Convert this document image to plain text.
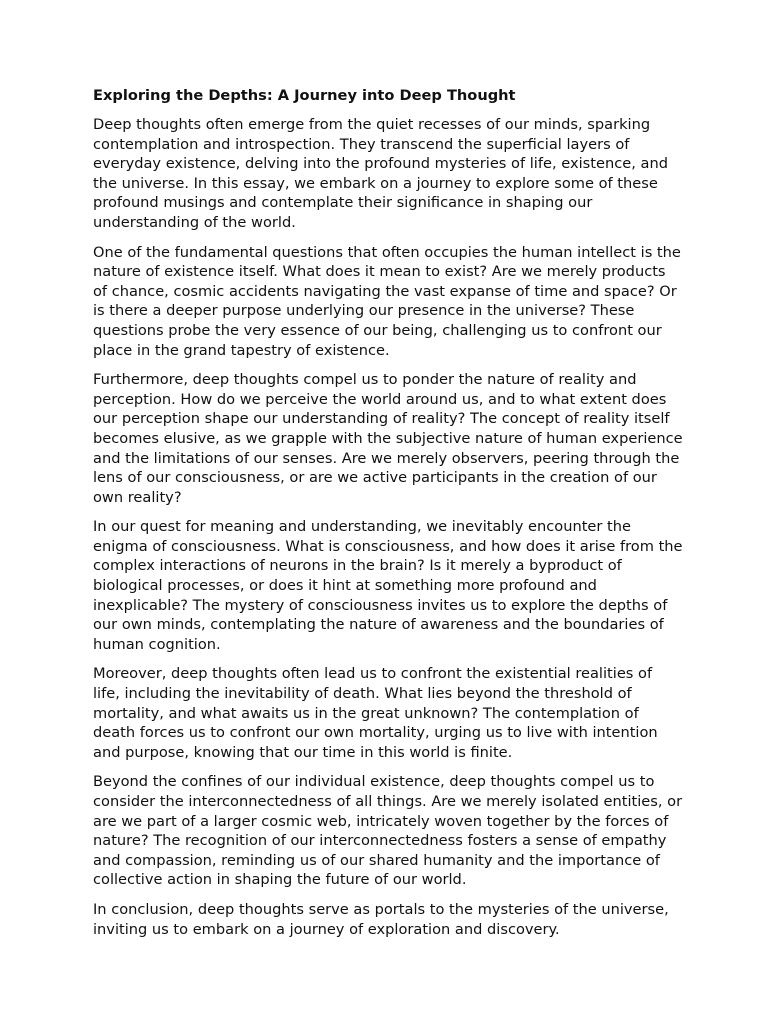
Exploring the Depths: A Journey into Deep Thought

Deep thoughts often emerge from the quiet recesses of our minds, sparking contemplation and introspection. They transcend the superficial layers of everyday existence, delving into the profound mysteries of life, existence, and the universe. In this essay, we embark on a journey to explore some of these profound musings and contemplate their significance in shaping our understanding of the world.

One of the fundamental questions that often occupies the human intellect is the nature of existence itself. What does it mean to exist? Are we merely products of chance, cosmic accidents navigating the vast expanse of time and space? Or is there a deeper purpose underlying our presence in the universe? These questions probe the very essence of our being, challenging us to confront our place in the grand tapestry of existence.

Furthermore, deep thoughts compel us to ponder the nature of reality and perception. How do we perceive the world around us, and to what extent does our perception shape our understanding of reality? The concept of reality itself becomes elusive, as we grapple with the subjective nature of human experience and the limitations of our senses. Are we merely observers, peering through the lens of our consciousness, or are we active participants in the creation of our own reality?

In our quest for meaning and understanding, we inevitably encounter the enigma of consciousness. What is consciousness, and how does it arise from the complex interactions of neurons in the brain? Is it merely a byproduct of biological processes, or does it hint at something more profound and inexplicable? The mystery of consciousness invites us to explore the depths of our own minds, contemplating the nature of awareness and the boundaries of human cognition.

Moreover, deep thoughts often lead us to confront the existential realities of life, including the inevitability of death. What lies beyond the threshold of mortality, and what awaits us in the great unknown? The contemplation of death forces us to confront our own mortality, urging us to live with intention and purpose, knowing that our time in this world is finite.

Beyond the confines of our individual existence, deep thoughts compel us to consider the interconnectedness of all things. Are we merely isolated entities, or are we part of a larger cosmic web, intricately woven together by the forces of nature? The recognition of our interconnectedness fosters a sense of empathy and compassion, reminding us of our shared humanity and the importance of collective action in shaping the future of our world.

In conclusion, deep thoughts serve as portals to the mysteries of the universe, inviting us to embark on a journey of exploration and discovery.
